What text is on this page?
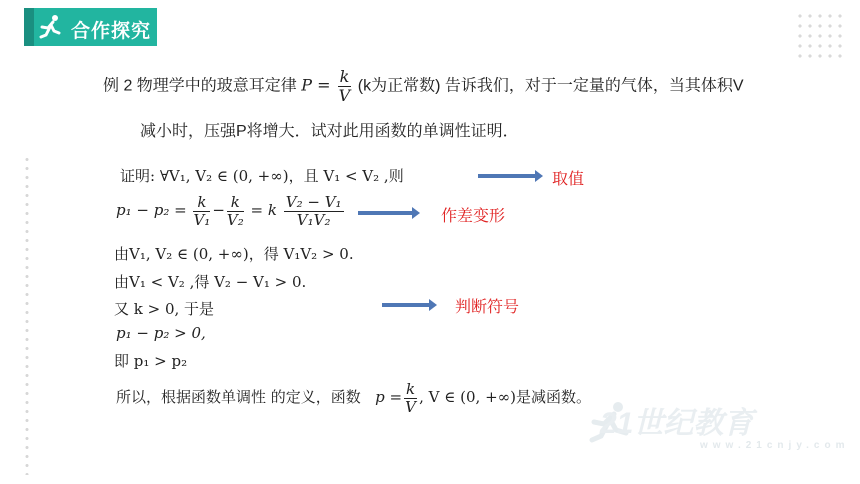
合作探究
例 2 物理学中的玻意耳定律 $P = \frac{k}{V} (k$为正常数) 告诉我们，对于一定量的气体，当其体积V
减小时，压强P将增大．试对此用函数的单调性证明．
证明: ∀V₁, V₂ ∈ (0, +∞)，且 V₁ < V₂ ,则	取值
$p_1 - p_2 = \frac{k}{\text{V₁}} - \frac{k}{\text{V₂}} = k \frac{\text{V₂ − V₁}}{\text{V₁V₂}}$	作差变形
由V₁, V₂ ∈ (0, +∞)，得 V₁V₂ > 0.
由V₁ < V₂ ,得 V₂ − V₁ > 0.
又 k > 0, 于是	判断符号
p₁ − p₂ > 0,
即 p₁ > p₂
所以，根据函数单调性 的定义，函数 $p = \frac{k}{V}$ , V ∈ (0, +∞)是减函数。
21世纪教育
www.21cnjy.com
